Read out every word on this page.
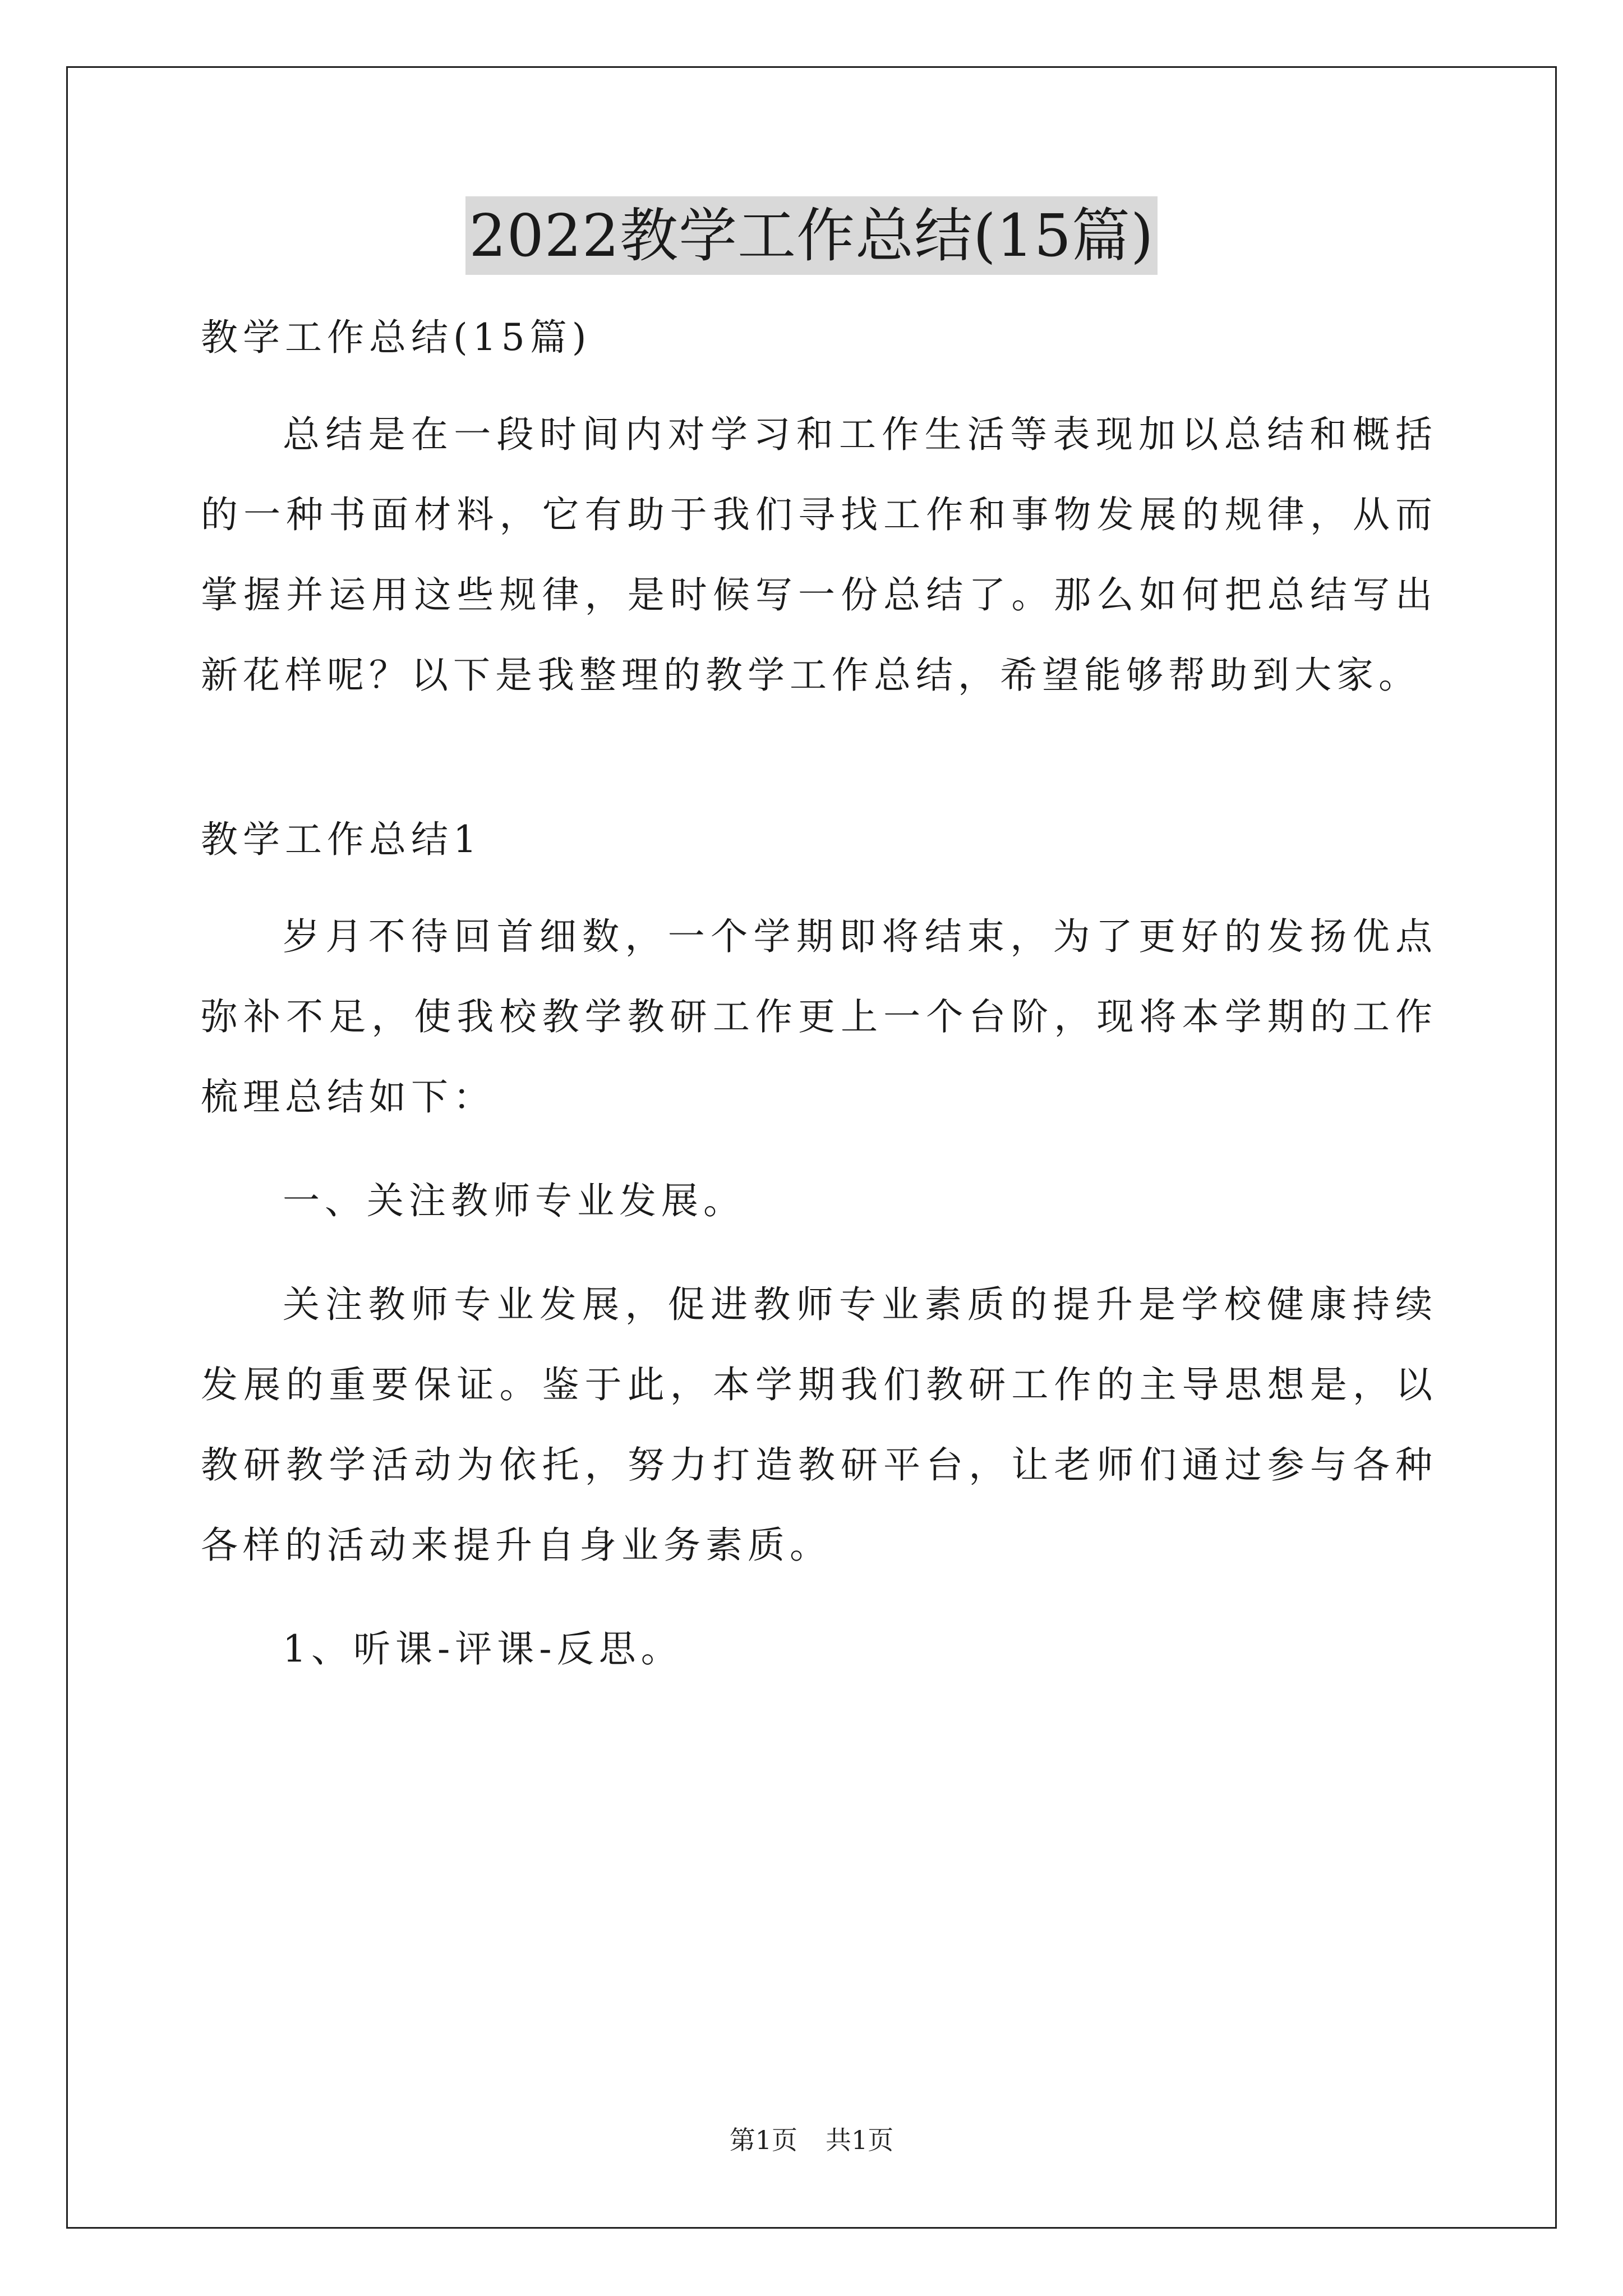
2022教学工作总结(15篇)

教学工作总结(15篇)

总结是在一段时间内对学习和工作生活等表现加以总结和概括的一种书面材料，它有助于我们寻找工作和事物发展的规律，从而掌握并运用这些规律，是时候写一份总结了。那么如何把总结写出新花样呢？以下是我整理的教学工作总结，希望能够帮助到大家。

教学工作总结1

岁月不待回首细数，一个学期即将结束，为了更好的发扬优点弥补不足，使我校教学教研工作更上一个台阶，现将本学期的工作梳理总结如下：

一、关注教师专业发展。

关注教师专业发展，促进教师专业素质的提升是学校健康持续发展的重要保证。鉴于此，本学期我们教研工作的主导思想是，以教研教学活动为依托，努力打造教研平台，让老师们通过参与各种各样的活动来提升自身业务素质。

1、听课-评课-反思。

第1页 共1页
